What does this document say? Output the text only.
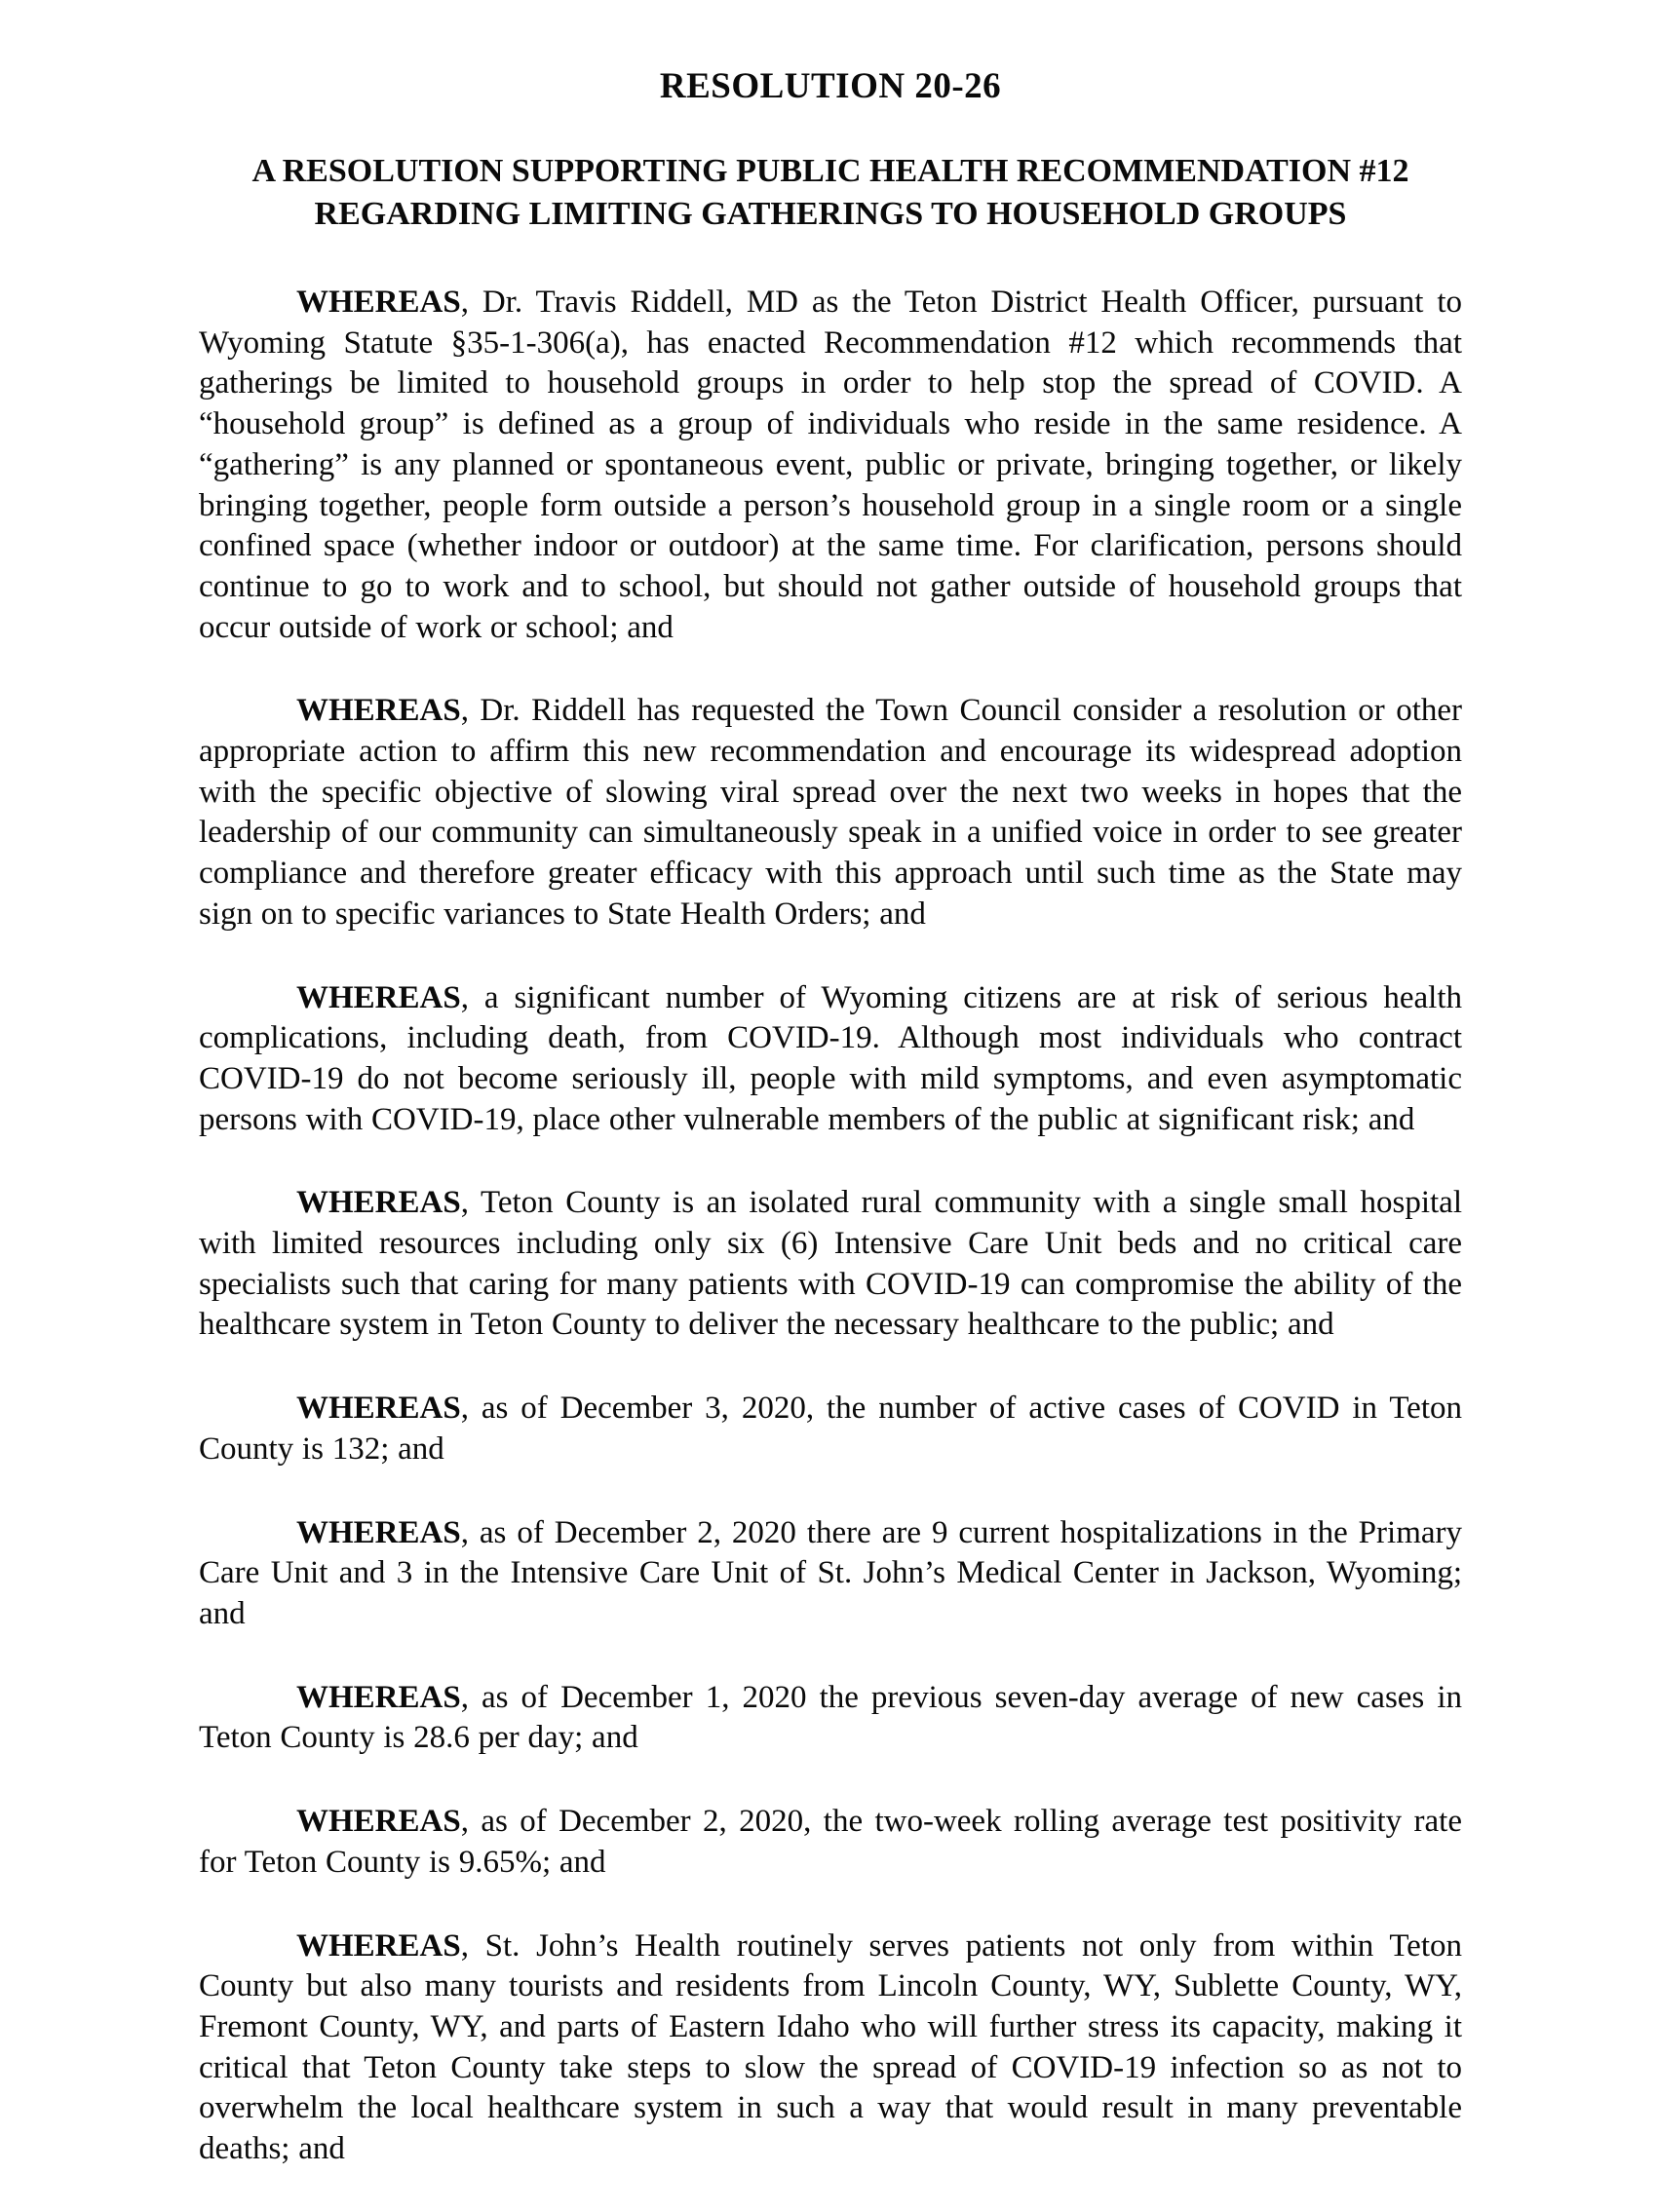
RESOLUTION 20-26
A RESOLUTION SUPPORTING PUBLIC HEALTH RECOMMENDATION #12
REGARDING LIMITING GATHERINGS TO HOUSEHOLD GROUPS

WHEREAS, Dr. Travis Riddell, MD as the Teton District Health Officer, pursuant to Wyoming Statute §35-1-306(a), has enacted Recommendation #12 which recommends that gatherings be limited to household groups in order to help stop the spread of COVID. A “household group” is defined as a group of individuals who reside in the same residence. A “gathering” is any planned or spontaneous event, public or private, bringing together, or likely bringing together, people form outside a person’s household group in a single room or a single confined space (whether indoor or outdoor) at the same time. For clarification, persons should continue to go to work and to school, but should not gather outside of household groups that occur outside of work or school; and

WHEREAS, Dr. Riddell has requested the Town Council consider a resolution or other appropriate action to affirm this new recommendation and encourage its widespread adoption with the specific objective of slowing viral spread over the next two weeks in hopes that the leadership of our community can simultaneously speak in a unified voice in order to see greater compliance and therefore greater efficacy with this approach until such time as the State may sign on to specific variances to State Health Orders; and

WHEREAS, a significant number of Wyoming citizens are at risk of serious health complications, including death, from COVID-19. Although most individuals who contract COVID-19 do not become seriously ill, people with mild symptoms, and even asymptomatic persons with COVID-19, place other vulnerable members of the public at significant risk; and

WHEREAS, Teton County is an isolated rural community with a single small hospital with limited resources including only six (6) Intensive Care Unit beds and no critical care specialists such that caring for many patients with COVID-19 can compromise the ability of the healthcare system in Teton County to deliver the necessary healthcare to the public; and

WHEREAS, as of December 3, 2020, the number of active cases of COVID in Teton County is 132; and

WHEREAS, as of December 2, 2020 there are 9 current hospitalizations in the Primary Care Unit and 3 in the Intensive Care Unit of St. John’s Medical Center in Jackson, Wyoming; and

WHEREAS, as of December 1, 2020 the previous seven-day average of new cases in Teton County is 28.6 per day; and

WHEREAS, as of December 2, 2020, the two-week rolling average test positivity rate for Teton County is 9.65%; and

WHEREAS, St. John’s Health routinely serves patients not only from within Teton County but also many tourists and residents from Lincoln County, WY, Sublette County, WY, Fremont County, WY, and parts of Eastern Idaho who will further stress its capacity, making it critical that Teton County take steps to slow the spread of COVID-19 infection so as not to overwhelm the local healthcare system in such a way that would result in many preventable deaths; and
